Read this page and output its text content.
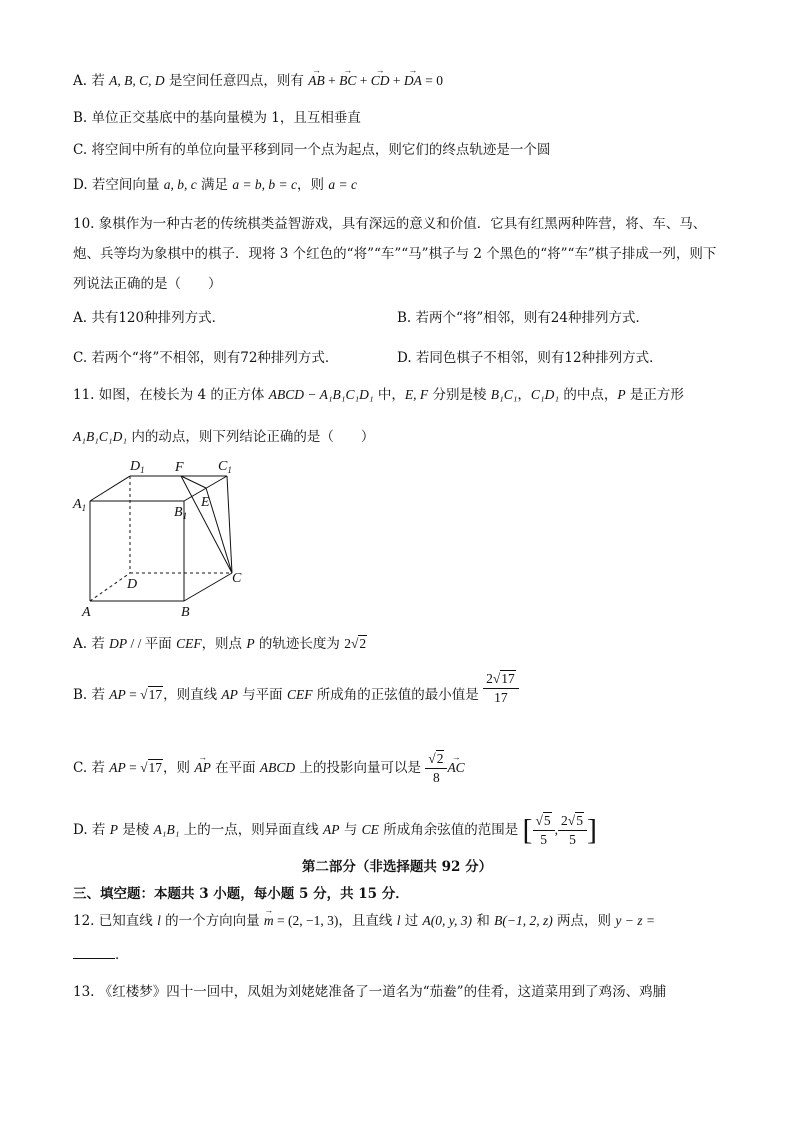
A. 若 A, B, C, D 是空间任意四点，则有 → AB + → BC + → CD + → DA = 0
B. 单位正交基底中的基向量模为 1，且互相垂直
C. 将空间中所有的单位向量平移到同一个点为起点，则它们的终点轨迹是一个圆
D. 若空间向量 a, b, c 满足 a = b, b = c，则 a = c
10. 象棋作为一种古老的传统棋类益智游戏，具有深远的意义和价值．它具有红黑两种阵营，将、车、马、
炮、兵等均为象棋中的棋子．现将 3 个红色的“将”“车”“马”棋子与 2 个黑色的“将”“车”棋子排成一列，则下
列说法正确的是（　　）
A. 共有120种排列方式．	B. 若两个“将”相邻，则有24种排列方式．
C. 若两个“将”不相邻，则有72种排列方式．	D. 若同色棋子不相邻，则有12种排列方式．
11. 如图，在棱长为 4 的正方体 ABCD − A₁B₁C₁D₁ 中，E, F 分别是棱 B₁C₁，C₁D₁ 的中点，P 是正方形
A₁B₁C₁D₁ 内的动点，则下列结论正确的是（　　）
$D_1$ F $C_1$
$A_1$	$B_1$
E
D	C
A	B
A. 若 DP / / 平面 CEF，则点 P 的轨迹长度为 2√2
B. 若 AP = √17，则直线 AP 与平面 CEF 所成角的正弦值的最小值是 $\frac{2√17}{17}$
C. 若 AP = √17，则 → AP 在平面 ABCD 上的投影向量可以是 $\frac{√2}{8}$
→ AC
D. 若 P 是棱 A₁B₁ 上的一点，则异面直线 AP 与 CE 所成角余弦值的范围是 [ $\frac{√5}{5}$ , $\frac{2√5}{5}$ ]
第二部分（非选择题共 92 分）
三、填空题：本题共 3 小题，每小题 5 分，共 15 分．
12. 已知直线 l 的一个方向向量 → m = (2, −1, 3)，且直线 l 过 A(0, y, 3) 和 B(−1, 2, z) 两点，则 y − z =
．
13. 《红楼梦》四十一回中，凤姐为刘姥姥准备了一道名为“茄鲞”的佳肴，这道菜用到了鸡汤、鸡脯
